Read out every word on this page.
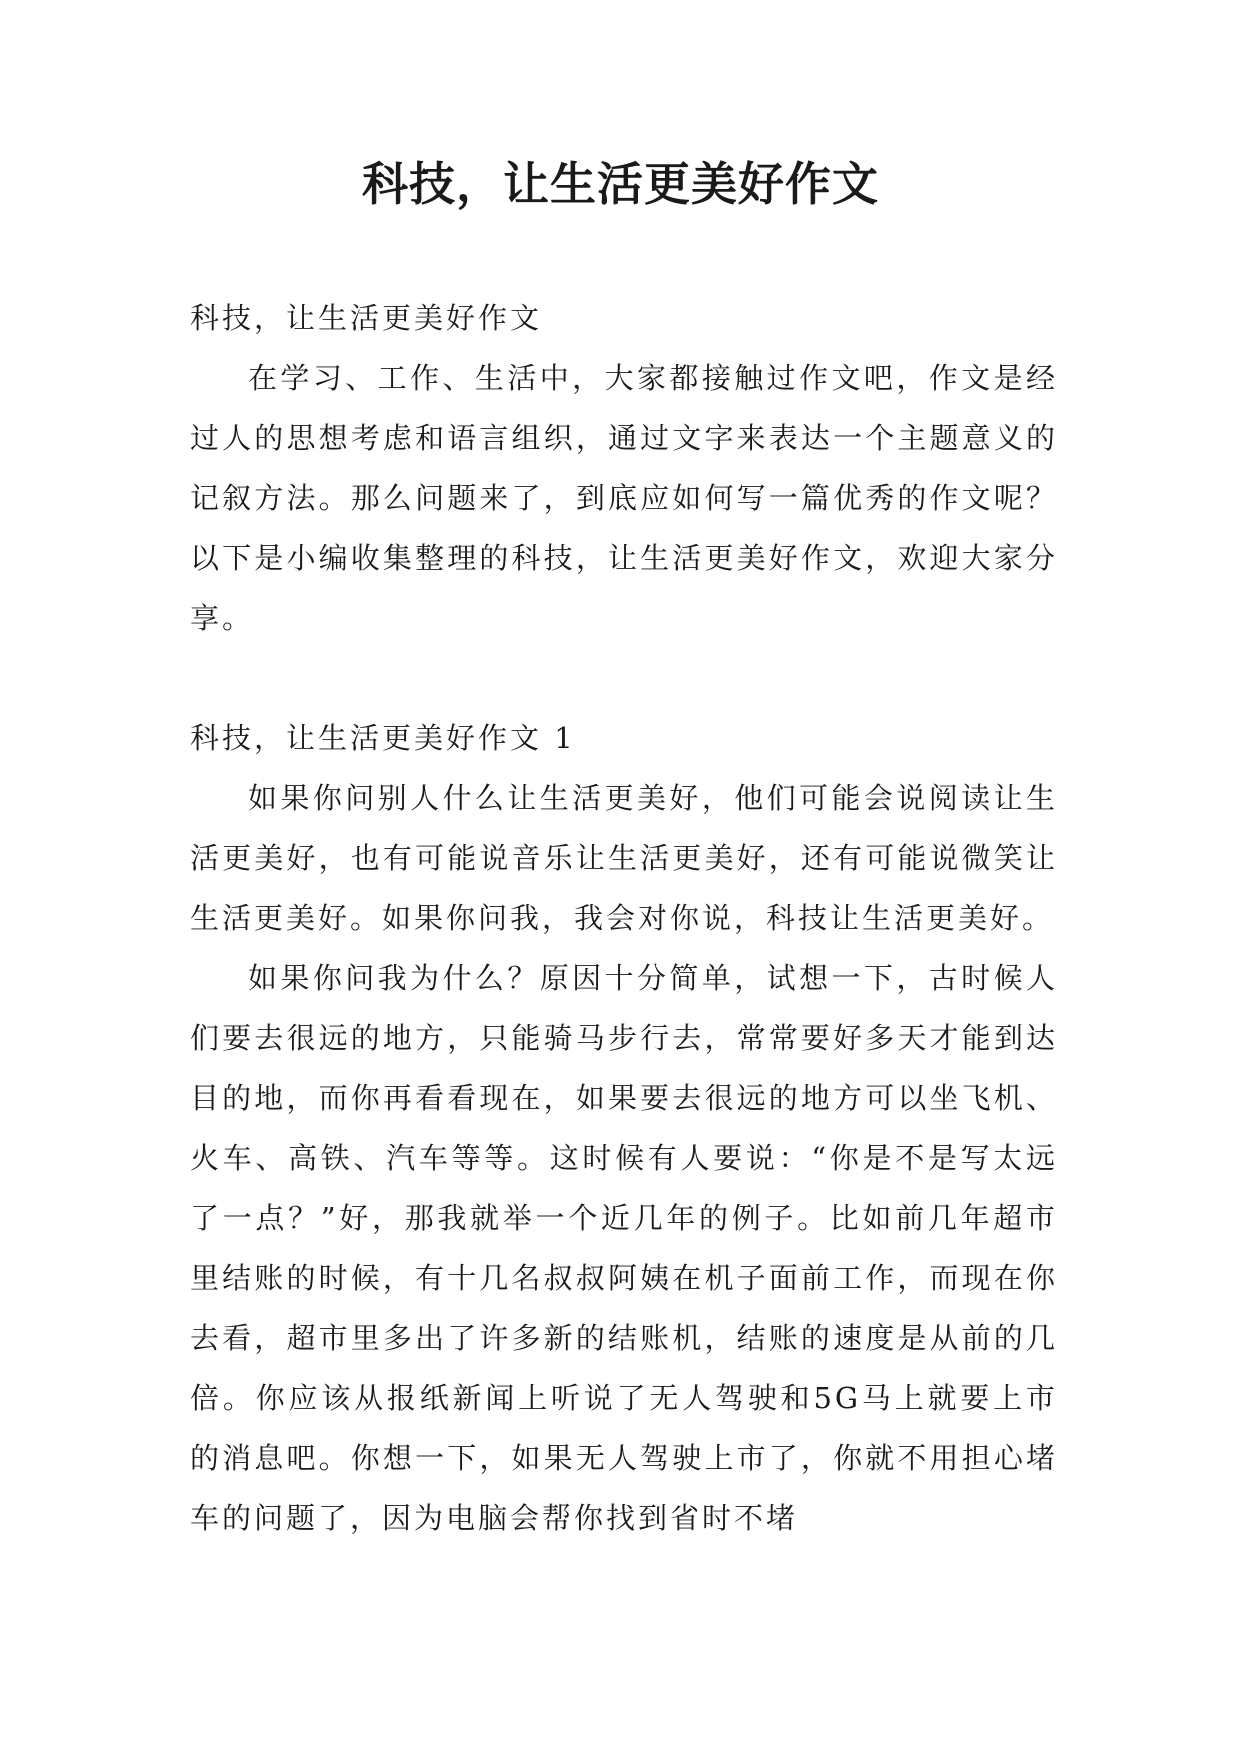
科技，让生活更美好作文

科技，让生活更美好作文

在学习、工作、生活中，大家都接触过作文吧，作文是经过人的思想考虑和语言组织，通过文字来表达一个主题意义的记叙方法。那么问题来了，到底应如何写一篇优秀的作文呢？以下是小编收集整理的科技，让生活更美好作文，欢迎大家分享。

科技，让生活更美好作文 1

如果你问别人什么让生活更美好，他们可能会说阅读让生活更美好，也有可能说音乐让生活更美好，还有可能说微笑让生活更美好。如果你问我，我会对你说，科技让生活更美好。

如果你问我为什么？原因十分简单，试想一下，古时候人们要去很远的地方，只能骑马步行去，常常要好多天才能到达目的地，而你再看看现在，如果要去很远的地方可以坐飞机、火车、高铁、汽车等等。这时候有人要说：“你是不是写太远了一点？”好，那我就举一个近几年的例子。比如前几年超市里结账的时候，有十几名叔叔阿姨在机子面前工作，而现在你去看，超市里多出了许多新的结账机，结账的速度是从前的几倍。你应该从报纸新闻上听说了无人驾驶和5G马上就要上市的消息吧。你想一下，如果无人驾驶上市了，你就不用担心堵车的问题了，因为电脑会帮你找到省时不堵
